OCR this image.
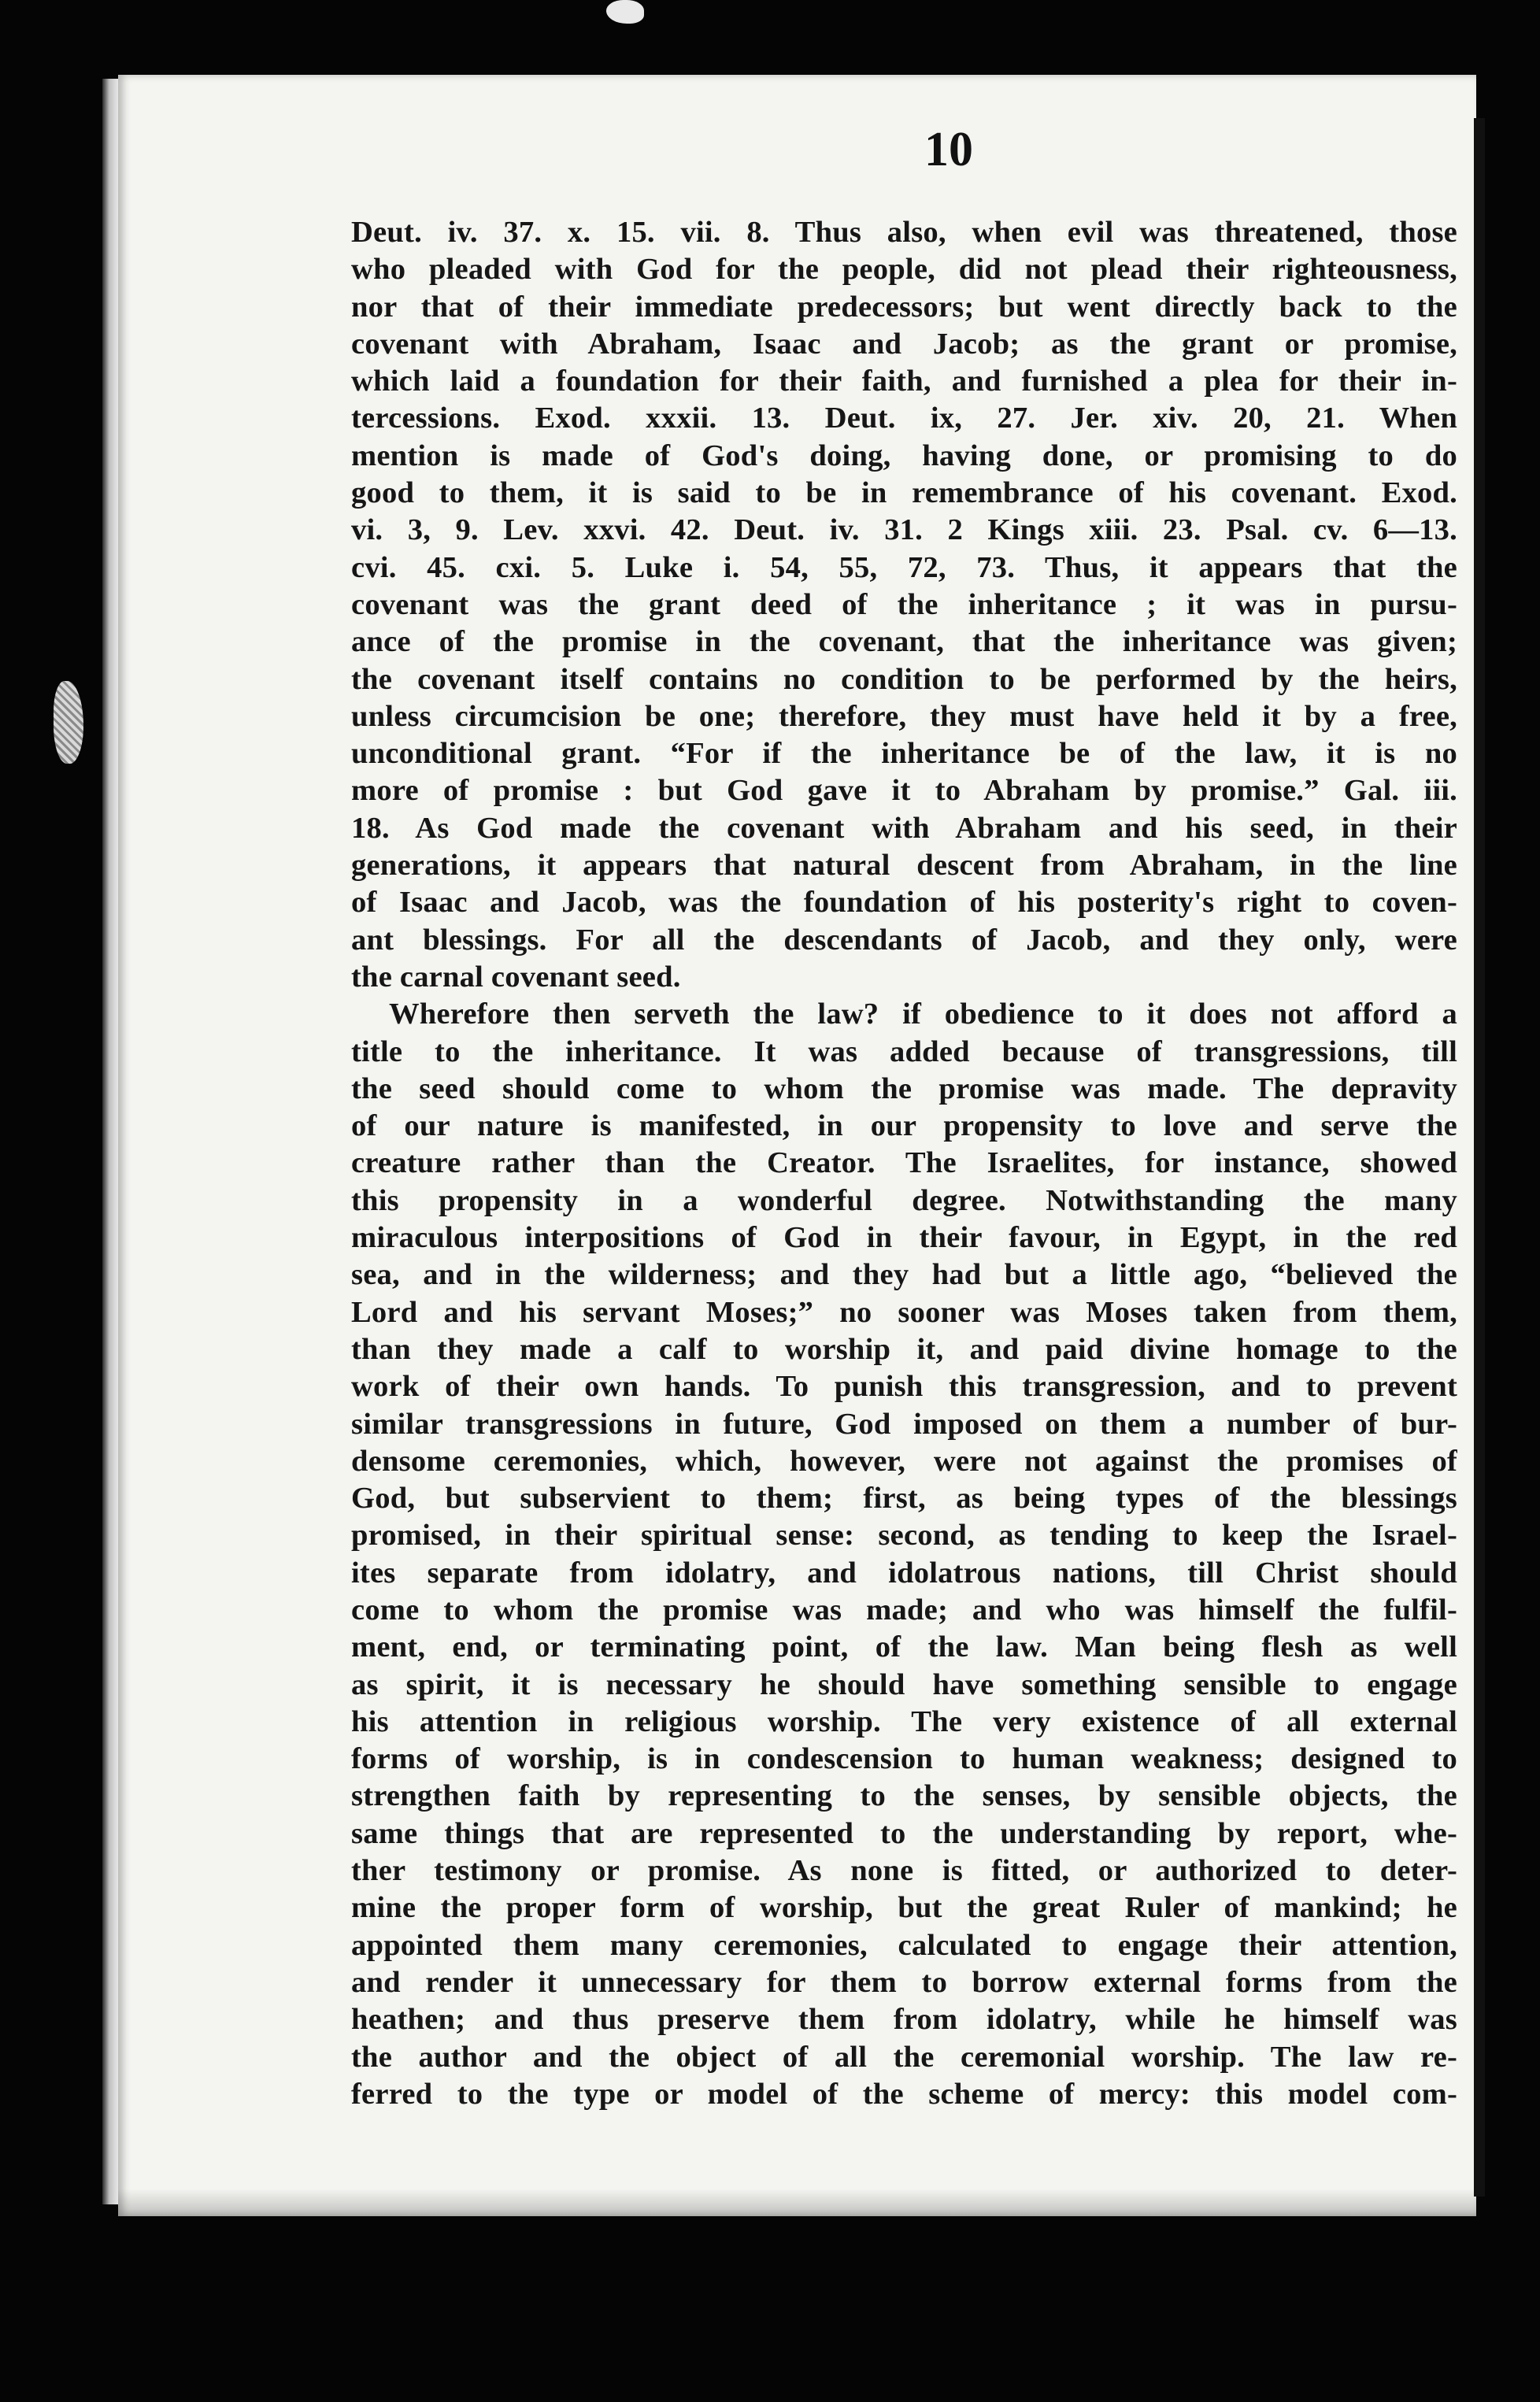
10
Deut. iv. 37. x. 15. vii. 8. Thus also, when evil was threatened, those
who pleaded with God for the people, did not plead their righteousness,
nor that of their immediate predecessors; but went directly back to the
covenant with Abraham, Isaac and Jacob; as the grant or promise,
which laid a foundation for their faith, and furnished a plea for their in-
tercessions. Exod. xxxii. 13. Deut. ix, 27. Jer. xiv. 20, 21. When
mention is made of God's doing, having done, or promising to do
good to them, it is said to be in remembrance of his covenant. Exod.
vi. 3, 9. Lev. xxvi. 42. Deut. iv. 31. 2 Kings xiii. 23. Psal. cv. 6—13.
cvi. 45. cxi. 5. Luke i. 54, 55, 72, 73. Thus, it appears that the
covenant was the grant deed of the inheritance ; it was in pursu-
ance of the promise in the covenant, that the inheritance was given;
the covenant itself contains no condition to be performed by the heirs,
unless circumcision be one; therefore, they must have held it by a free,
unconditional grant. “For if the inheritance be of the law, it is no
more of promise : but God gave it to Abraham by promise.” Gal. iii.
18. As God made the covenant with Abraham and his seed, in their
generations, it appears that natural descent from Abraham, in the line
of Isaac and Jacob, was the foundation of his posterity's right to coven-
ant blessings. For all the descendants of Jacob, and they only, were
the carnal covenant seed.
Wherefore then serveth the law? if obedience to it does not afford a
title to the inheritance. It was added because of transgressions, till
the seed should come to whom the promise was made. The depravity
of our nature is manifested, in our propensity to love and serve the
creature rather than the Creator. The Israelites, for instance, showed
this propensity in a wonderful degree. Notwithstanding the many
miraculous interpositions of God in their favour, in Egypt, in the red
sea, and in the wilderness; and they had but a little ago, “believed the
Lord and his servant Moses;” no sooner was Moses taken from them,
than they made a calf to worship it, and paid divine homage to the
work of their own hands. To punish this transgression, and to prevent
similar transgressions in future, God imposed on them a number of bur-
densome ceremonies, which, however, were not against the promises of
God, but subservient to them; first, as being types of the blessings
promised, in their spiritual sense: second, as tending to keep the Israel-
ites separate from idolatry, and idolatrous nations, till Christ should
come to whom the promise was made; and who was himself the fulfil-
ment, end, or terminating point, of the law. Man being flesh as well
as spirit, it is necessary he should have something sensible to engage
his attention in religious worship. The very existence of all external
forms of worship, is in condescension to human weakness; designed to
strengthen faith by representing to the senses, by sensible objects, the
same things that are represented to the understanding by report, whe-
ther testimony or promise. As none is fitted, or authorized to deter-
mine the proper form of worship, but the great Ruler of mankind; he
appointed them many ceremonies, calculated to engage their attention,
and render it unnecessary for them to borrow external forms from the
heathen; and thus preserve them from idolatry, while he himself was
the author and the object of all the ceremonial worship. The law re-
ferred to the type or model of the scheme of mercy: this model com-
